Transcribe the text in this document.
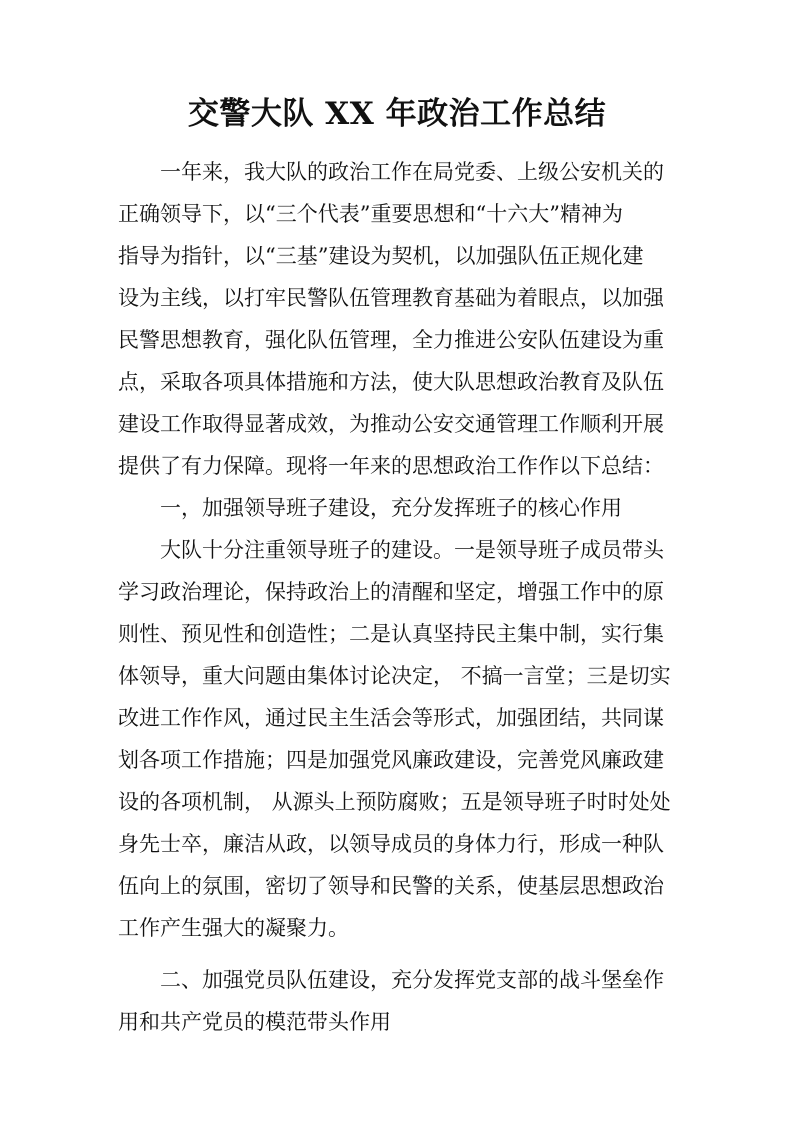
交警大队 XX 年政治工作总结
一年来，我大队的政治工作在局党委、上级公安机关的
正确领导下，以“三个代表”重要思想和“十六大”精神为
指导为指针，以“三基”建设为契机，以加强队伍正规化建
设为主线，以打牢民警队伍管理教育基础为着眼点，以加强
民警思想教育，强化队伍管理，全力推进公安队伍建设为重
点，采取各项具体措施和方法，使大队思想政治教育及队伍
建设工作取得显著成效，为推动公安交通管理工作顺利开展
提供了有力保障。现将一年来的思想政治工作作以下总结：
一，加强领导班子建设，充分发挥班子的核心作用
大队十分注重领导班子的建设。一是领导班子成员带头
学习政治理论，保持政治上的清醒和坚定，增强工作中的原
则性、预见性和创造性；二是认真坚持民主集中制，实行集
体领导，重大问题由集体讨论决定， 不搞一言堂；三是切实
改进工作作风，通过民主生活会等形式，加强团结，共同谋
划各项工作措施；四是加强党风廉政建设，完善党风廉政建
设的各项机制， 从源头上预防腐败；五是领导班子时时处处
身先士卒，廉洁从政，以领导成员的身体力行，形成一种队
伍向上的氛围，密切了领导和民警的关系，使基层思想政治
工作产生强大的凝聚力。
二、加强党员队伍建设，充分发挥党支部的战斗堡垒作
用和共产党员的模范带头作用
